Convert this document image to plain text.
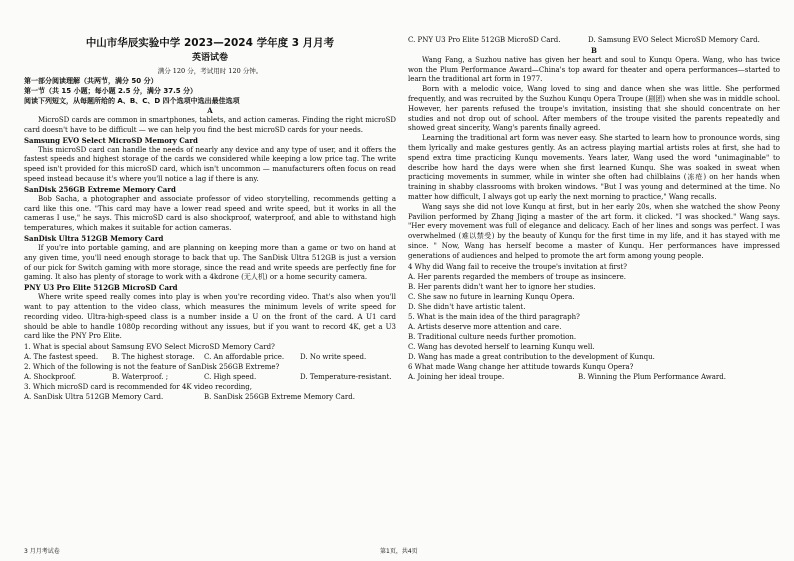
中山市华辰实验中学 2023—2024 学年度 3 月月考
英语试卷
满分 120 分，考试用时 120 分钟。
第一部分阅读理解（共两节，满分 50 分）
第一节（共 15 小题；每小题 2.5 分，满分 37.5 分）
阅读下列短文，从每题所给的 A、B、C、D 四个选项中选出最佳选项
A

MicroSD cards are common in smartphones, tablets, and action cameras. Finding the right microSD card doesn't have to be difficult — we can help you find the best microSD cards for your needs.

Samsung EVO Select MicroSD Memory Card

This microSD card can handle the needs of nearly any device and any type of user, and it offers the fastest speeds and highest storage of the cards we considered while keeping a low price tag. The write speed isn't provided for this microSD card, which isn't uncommon — manufacturers often focus on read speed instead because it's where you'll notice a lag if there is any.

SanDisk 256GB Extreme Memory Card

Bob Sacha, a photographer and associate professor of video storytelling, recommends getting a card like this one. "This card may have a lower read speed and write speed, but it works in all the cameras I use," he says. This microSD card is also shockproof, waterproof, and able to withstand high temperatures, which makes it suitable for action cameras.

SanDisk Ultra 512GB Memory Card

If you're into portable gaming, and are planning on keeping more than a game or two on hand at any given time, you'll need enough storage to back that up. The SanDisk Ultra 512GB is just a version of our pick for Switch gaming with more storage, since the read and write speeds are perfectly fine for gaming. It also has plenty of storage to work with a 4kdrone (无人机) or a home security camera.

PNY U3 Pro Elite 512GB MicroSD Card

Where write speed really comes into play is when you're recording video. That's also when you'll want to pay attention to the video class, which measures the minimum levels of write speed for recording video. Ultra-high-speed class is a number inside a U on the front of the card. A U1 card should be able to handle 1080p recording without any issues, but if you want to record 4K, get a U3 card like the PNY Pro Elite.

1. What is special about Samsung EVO Select MicroSD Memory Card?
A. The fastest speed.	B. The highest storage.	C. An affordable price.	D. No write speed.
2. Which of the following is not the feature of SanDisk 256GB Extreme?
A. Shockproof.	B. Waterproof. ;	C. High speed.	D. Temperature-resistant.
3. Which microSD card is recommended for 4K video recording,
A. SanDisk Ultra 512GB Memory Card.	B. SanDisk 256GB Extreme Memory Card.
C. PNY U3 Pro Elite 512GB MicroSD Card.	D. Samsung EVO Select MicroSD Memory Card.
B

Wang Fang, a Suzhou native has given her heart and soul to Kunqu Opera. Wang, who has twice won the Plum Performance Award—China's top award for theater and opera performances—started to learn the traditional art form in 1977.

Born with a melodic voice, Wang loved to sing and dance when she was little. She performed frequently, and was recruited by the Suzhou Kunqu Opera Troupe (剧团) when she was in middle school. However, her parents refused the troupe's invitation, insisting that she should concentrate on her studies and not drop out of school. After members of the troupe visited the parents repeatedly and showed great sincerity, Wang's parents finally agreed.

Learning the traditional art form was never easy. She started to learn how to pronounce words, sing them lyrically and make gestures gently. As an actress playing martial artists roles at first, she had to spend extra time practicing Kunqu movements. Years later, Wang used the word "unimaginable" to describe how hard the days were when she first learned Kunqu. She was soaked in sweat when practicing movements in summer, while in winter she often had chilblains (冻疮) on her hands when training in shabby classrooms with broken windows. "But I was young and determined at the time. No matter how difficult, I always got up early the next morning to practice," Wang recalls.

Wang says she did not love Kunqu at first, but in her early 20s, when she watched the show Peony Pavilion performed by Zhang Jiqing a master of the art form. it clicked. "I was shocked." Wang says. "Her every movement was full of elegance and delicacy. Each of her lines and songs was perfect. I was overwhelmed (难以禁受) by the beauty of Kunqu for the first time in my life, and it has stayed with me since. " Now, Wang has herself become a master of Kunqu. Her performances have impressed generations of audiences and helped to promote the art form among young people.

4 Why did Wang fail to receive the troupe's invitation at first?
A. Her parents regarded the members of troupe as insincere.
B. Her parents didn't want her to ignore her studies.
C. She saw no future in learning Kunqu Opera.
D. She didn't have artistic talent.
5. What is the main idea of the third paragraph?
A. Artists deserve more attention and care.
B. Traditional culture needs further promotion.
C. Wang has devoted herself to learning Kunqu well.
D. Wang has made a great contribution to the development of Kunqu.
6 What made Wang change her attitude towards Kunqu Opera?
A. Joining her ideal troupe.	B. Winning the Plum Performance Award.
3 月月考试卷	第1页，共4页
